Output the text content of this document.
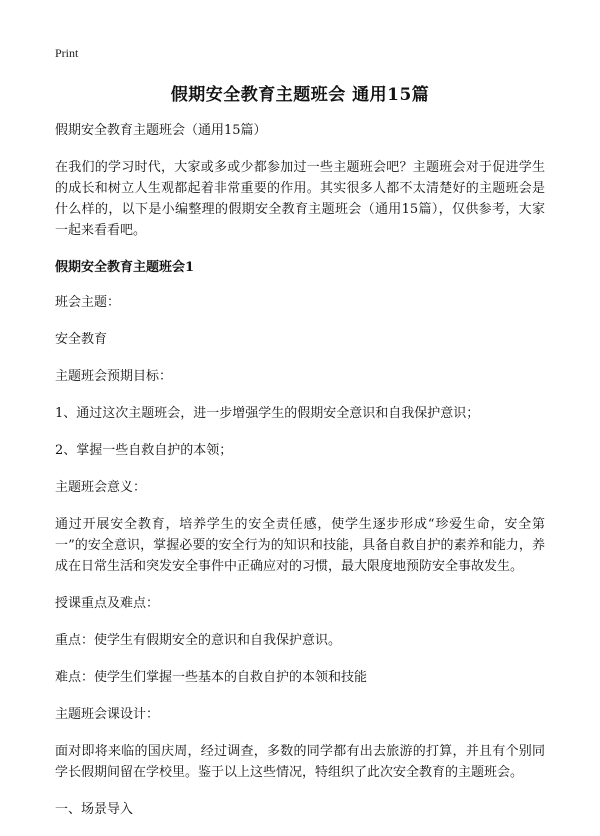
Print
假期安全教育主题班会 通用15篇

假期安全教育主题班会（通用15篇）

在我们的学习时代，大家或多或少都参加过一些主题班会吧？主题班会对于促进学生的成长和树立人生观都起着非常重要的作用。其实很多人都不太清楚好的主题班会是什么样的，以下是小编整理的假期安全教育主题班会（通用15篇），仅供参考，大家一起来看看吧。

假期安全教育主题班会1

班会主题：

安全教育

主题班会预期目标：

1、通过这次主题班会，进一步增强学生的假期安全意识和自我保护意识；

2、掌握一些自救自护的本领；

主题班会意义：

通过开展安全教育，培养学生的安全责任感，使学生逐步形成“珍爱生命，安全第一”的安全意识，掌握必要的安全行为的知识和技能，具备自救自护的素养和能力，养成在日常生活和突发安全事件中正确应对的习惯，最大限度地预防安全事故发生。

授课重点及难点：

重点：使学生有假期安全的意识和自我保护意识。

难点：使学生们掌握一些基本的自救自护的本领和技能

主题班会课设计：

面对即将来临的国庆周，经过调查，多数的同学都有出去旅游的打算，并且有个别同学长假期间留在学校里。鉴于以上这些情况，特组织了此次安全教育的主题班会。

一、场景导入
